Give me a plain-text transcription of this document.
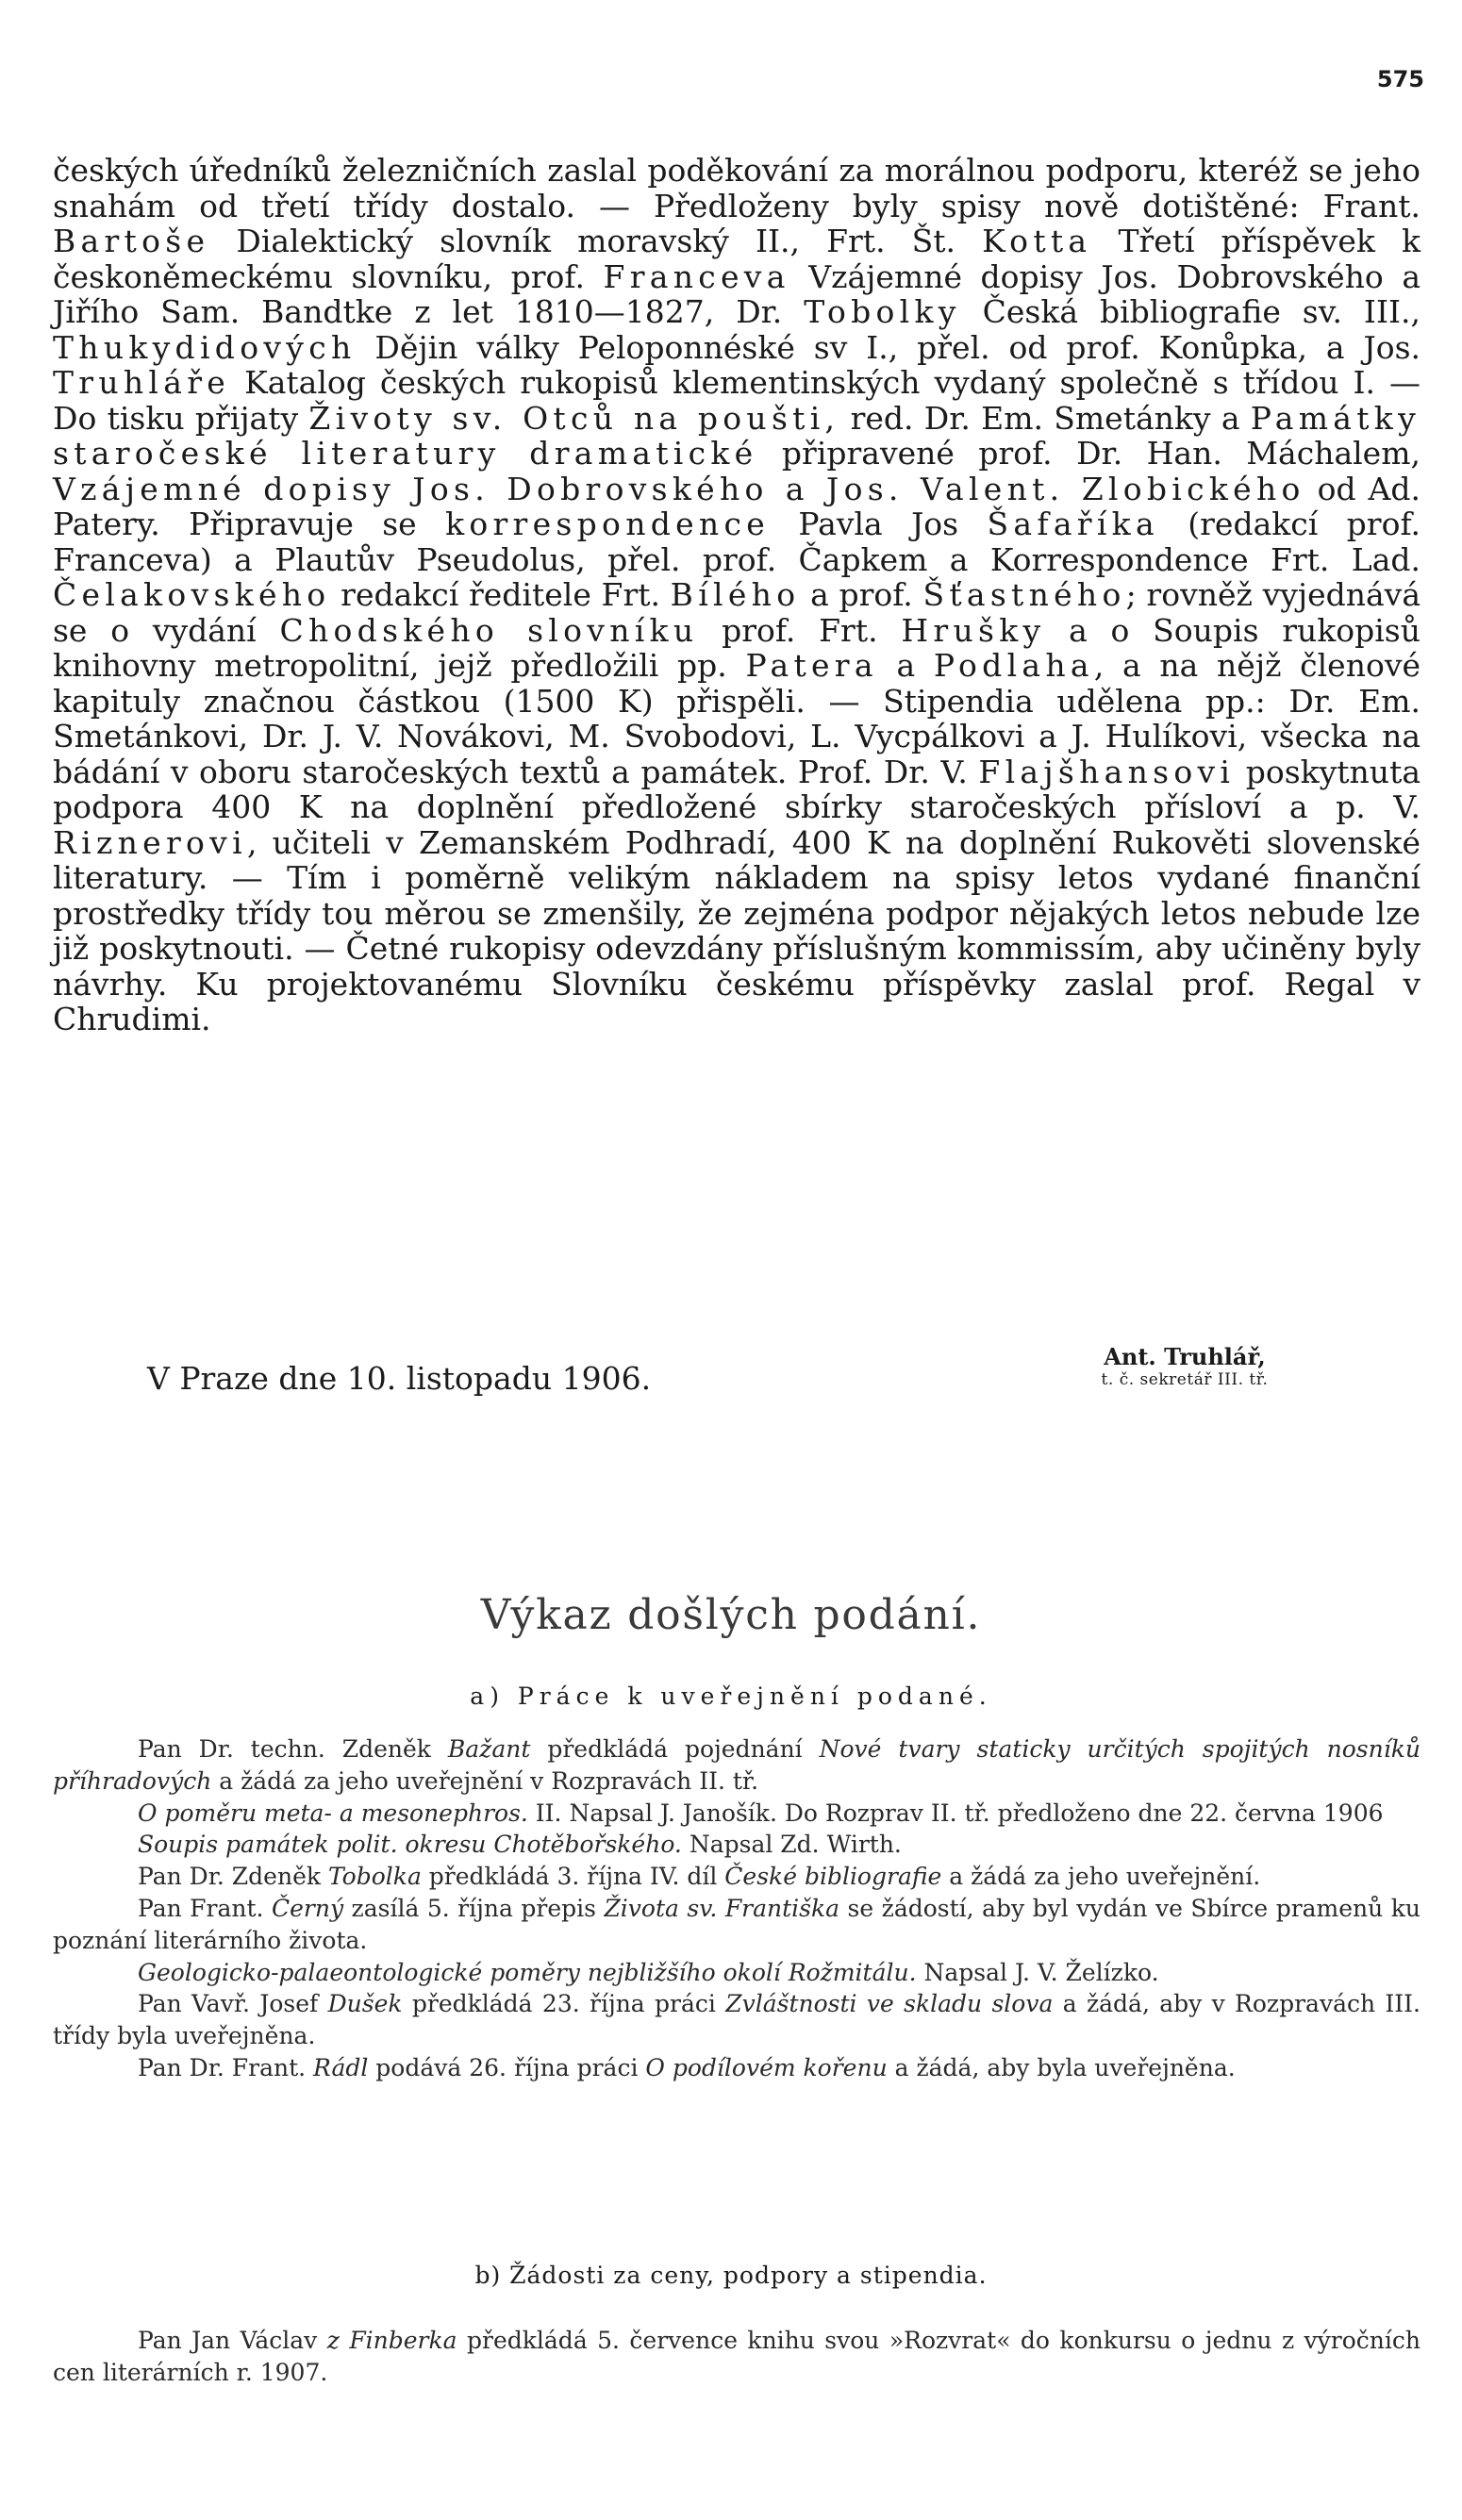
575
českých úředníků železničních zaslal poděkování za morálnou podporu, kteréž se jeho snahám od třetí třídy dostalo. — Předloženy byly spisy nově dotištěné: Frant. Bartoše Dialektický slovník moravský II., Frt. Št. Kotta Třetí příspěvek k českoněmeckému slovníku, prof. Franceva Vzájemné dopisy Jos. Dobrovského a Jiřího Sam. Bandtke z let 1810—1827, Dr. Tobolky Česká bibliografie sv. III., Thukydidových Dějin války Peloponnéské sv I., přel. od prof. Konůpka, a Jos. Truhláře Katalog českých rukopisů klementinských vydaný společně s třídou I. — Do tisku přijaty Životy sv. Otců na poušti, red. Dr. Em. Smetánky a Památky staročeské literatury dramatické připravené prof. Dr. Han. Máchalem, Vzájemné dopisy Jos. Dobrovského a Jos. Valent. Zlobického od Ad. Patery. Připravuje se korrespondence Pavla Jos Šafaříka (redakcí prof. Franceva) a Plautův Pseudolus, přel. prof. Čapkem a Korrespondence Frt. Lad. Čelakovského redakcí ředitele Frt. Bílého a prof. Šťastného; rovněž vyjednává se o vydání Chodského slovníku prof. Frt. Hrušky a o Soupis rukopisů knihovny metropolitní, jejž předložili pp. Patera a Podlaha, a na nějž členové kapituly značnou částkou (1500 K) přispěli. — Stipendia udělena pp.: Dr. Em. Smetánkovi, Dr. J. V. Novákovi, M. Svobodovi, L. Vycpálkovi a J. Hulíkovi, všecka na bádání v oboru staročeských textů a památek. Prof. Dr. V. Flajšhansovi poskytnuta podpora 400 K na doplnění předložené sbírky staročeských přísloví a p. V. Riznerovi, učiteli v Zemanském Podhradí, 400 K na doplnění Rukověti slovenské literatury. — Tím i poměrně velikým nákladem na spisy letos vydané finanční prostředky třídy tou měrou se zmenšily, že zejména podpor nějakých letos nebude lze již poskytnouti. — Četné rukopisy odevzdány příslušným kommissím, aby učiněny byly návrhy. Ku projektovanému Slovníku českému příspěvky zaslal prof. Regal v Chrudimi.
V Praze dne 10. listopadu 1906.
Ant. Truhlář,
t. č. sekretář III. tř.
Výkaz došlých podání.
a) Práce k uveřejnění podané.

Pan Dr. techn. Zdeněk Bažant předkládá pojednání Nové tvary staticky určitých spojitých nosníků příhradových a žádá za jeho uveřejnění v Rozpravách II. tř.

O poměru meta- a mesonephros. II. Napsal J. Janošík. Do Rozprav II. tř. předloženo dne 22. června 1906

Soupis památek polit. okresu Chotěbořského. Napsal Zd. Wirth.

Pan Dr. Zdeněk Tobolka předkládá 3. října IV. díl České bibliografie a žádá za jeho uveřejnění.

Pan Frant. Černý zasílá 5. října přepis Života sv. Františka se žádostí, aby byl vydán ve Sbírce pramenů ku poznání literárního života.

Geologicko-palaeontologické poměry nejbližšího okolí Rožmitálu. Napsal J. V. Želízko.

Pan Vavř. Josef Dušek předkládá 23. října práci Zvláštnosti ve skladu slova a žádá, aby v Rozpravách III. třídy byla uveřejněna.

Pan Dr. Frant. Rádl podává 26. října práci O podílovém kořenu a žádá, aby byla uveřejněna.

b) Žádosti za ceny, podpory a stipendia.

Pan Jan Václav z Finberka předkládá 5. července knihu svou »Rozvrat« do konkursu o jednu z výročních cen literárních r. 1907.
